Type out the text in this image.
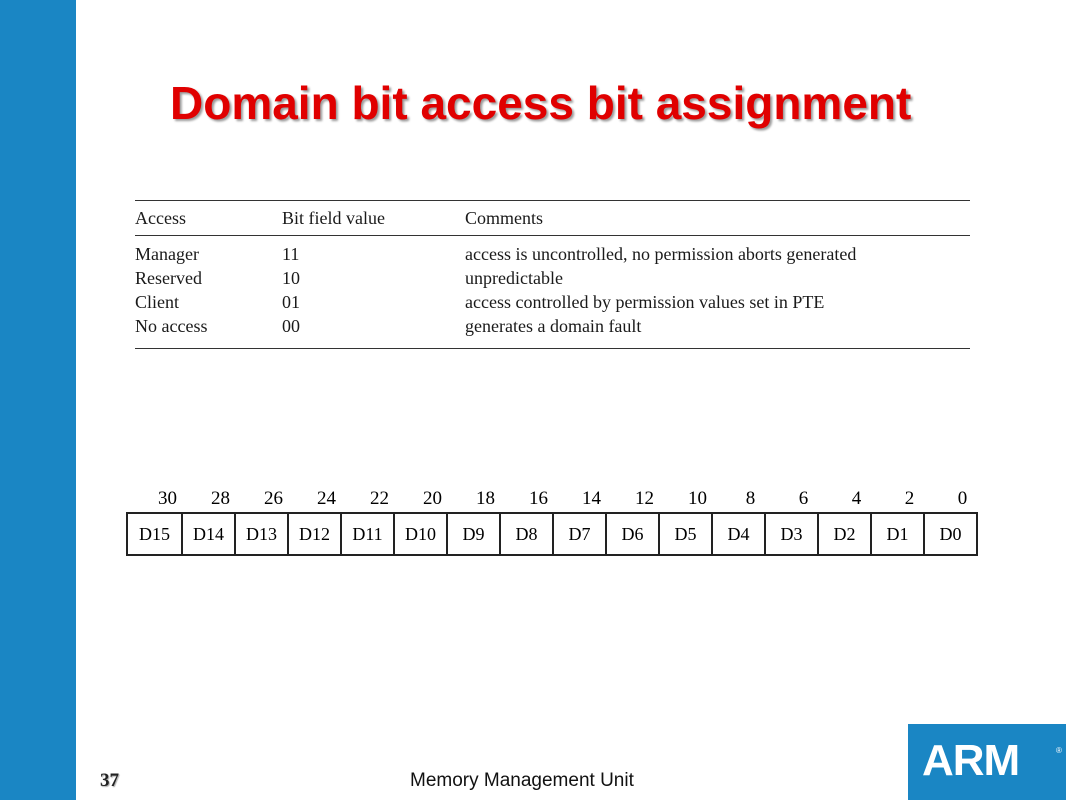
Domain bit access bit assignment
Access	Bit field value	Comments
Manager	11	access is uncontrolled, no permission aborts generated
Reserved	10	unpredictable
Client	01	access controlled by permission values set in PTE
No access	00	generates a domain fault
30 28 26 24 22 20 18 16 14 12 10 8 6 4 2 0
D15	D14	D13	D12	D11	D10	D9	D8	D7	D6	D5	D4	D3	D2	D1	D0
37	Memory Management Unit	ARM	®
